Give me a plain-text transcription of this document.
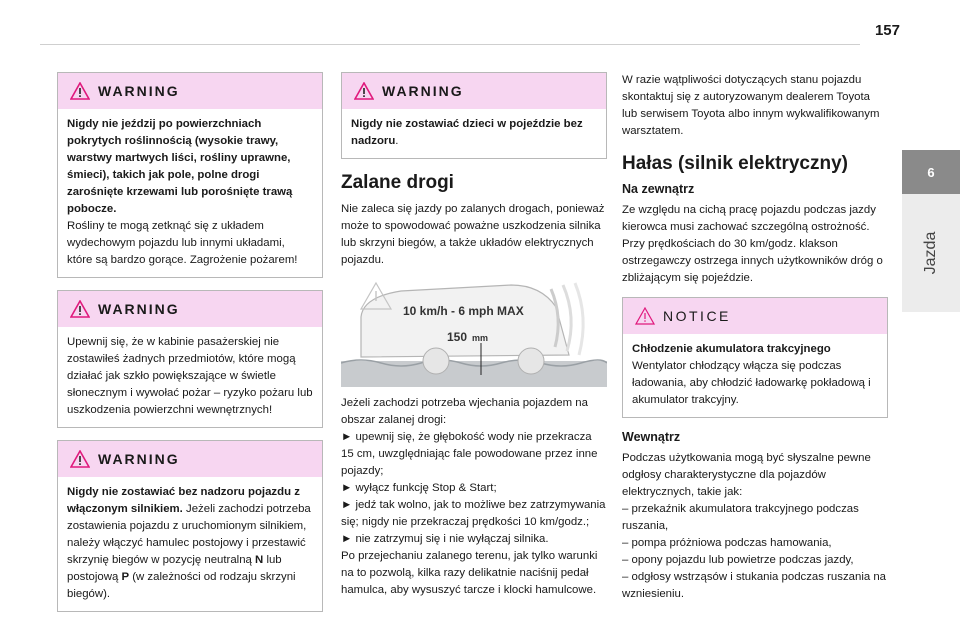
157
6
Jazda
WARNING

Nigdy nie jeździj po powierzchniach pokrytych roślinnością (wysokie trawy, warstwy martwych liści, rośliny uprawne, śmieci), takich jak pole, polne drogi zarośnięte krzewami lub porośnięte trawą pobocze.

Rośliny te mogą zetknąć się z układem wydechowym pojazdu lub innymi układami, które są bardzo gorące. Zagrożenie pożarem!

WARNING

Upewnij się, że w kabinie pasażerskiej nie zostawiłeś żadnych przedmiotów, które mogą działać jak szkło powiększające w świetle słonecznym i wywołać pożar – ryzyko pożaru lub uszkodzenia powierzchni wewnętrznych!

WARNING

Nigdy nie zostawiać bez nadzoru pojazdu z włączonym silnikiem. Jeżeli zachodzi potrzeba zostawienia pojazdu z uruchomionym silnikiem, należy włączyć hamulec postojowy i przestawić skrzynię biegów w pozycję neutralną N lub postojową P (w zależności od rodzaju skrzyni biegów).

WARNING

Nigdy nie zostawiać dzieci w pojeździe bez nadzoru.

Zalane drogi

Nie zaleca się jazdy po zalanych drogach, ponieważ może to spowodować poważne uszkodzenia silnika lub skrzyni biegów, a także układów elektrycznych pojazdu.

10 km/h - 6 mph MAX
150 mm

Jeżeli zachodzi potrzeba wjechania pojazdem na obszar zalanej drogi:

► upewnij się, że głębokość wody nie przekracza 15 cm, uwzględniając fale powodowane przez inne pojazdy;

► wyłącz funkcję Stop & Start;

► jedź tak wolno, jak to możliwe bez zatrzymywania się; nigdy nie przekraczaj prędkości 10 km/godz.;

► nie zatrzymuj się i nie wyłączaj silnika.

Po przejechaniu zalanego terenu, jak tylko warunki na to pozwolą, kilka razy delikatnie naciśnij pedał hamulca, aby wysuszyć tarcze i klocki hamulcowe.

W razie wątpliwości dotyczących stanu pojazdu skontaktuj się z autoryzowanym dealerem Toyota lub serwisem Toyota albo innym wykwalifikowanym warsztatem.

Hałas (silnik elektryczny)
Na zewnątrz

Ze względu na cichą pracę pojazdu podczas jazdy kierowca musi zachować szczególną ostrożność.

Przy prędkościach do 30 km/godz. klakson ostrzegawczy ostrzega innych użytkowników dróg o zbliżającym się pojeździe.

NOTICE

Chłodzenie akumulatora trakcyjnego

Wentylator chłodzący włącza się podczas ładowania, aby chłodzić ładowarkę pokładową i akumulator trakcyjny.

Wewnątrz

Podczas użytkowania mogą być słyszalne pewne odgłosy charakterystyczne dla pojazdów elektrycznych, takie jak:

– przekaźnik akumulatora trakcyjnego podczas ruszania,

– pompa próżniowa podczas hamowania,

– opony pojazdu lub powietrze podczas jazdy,

– odgłosy wstrząsów i stukania podczas ruszania na wzniesieniu.
